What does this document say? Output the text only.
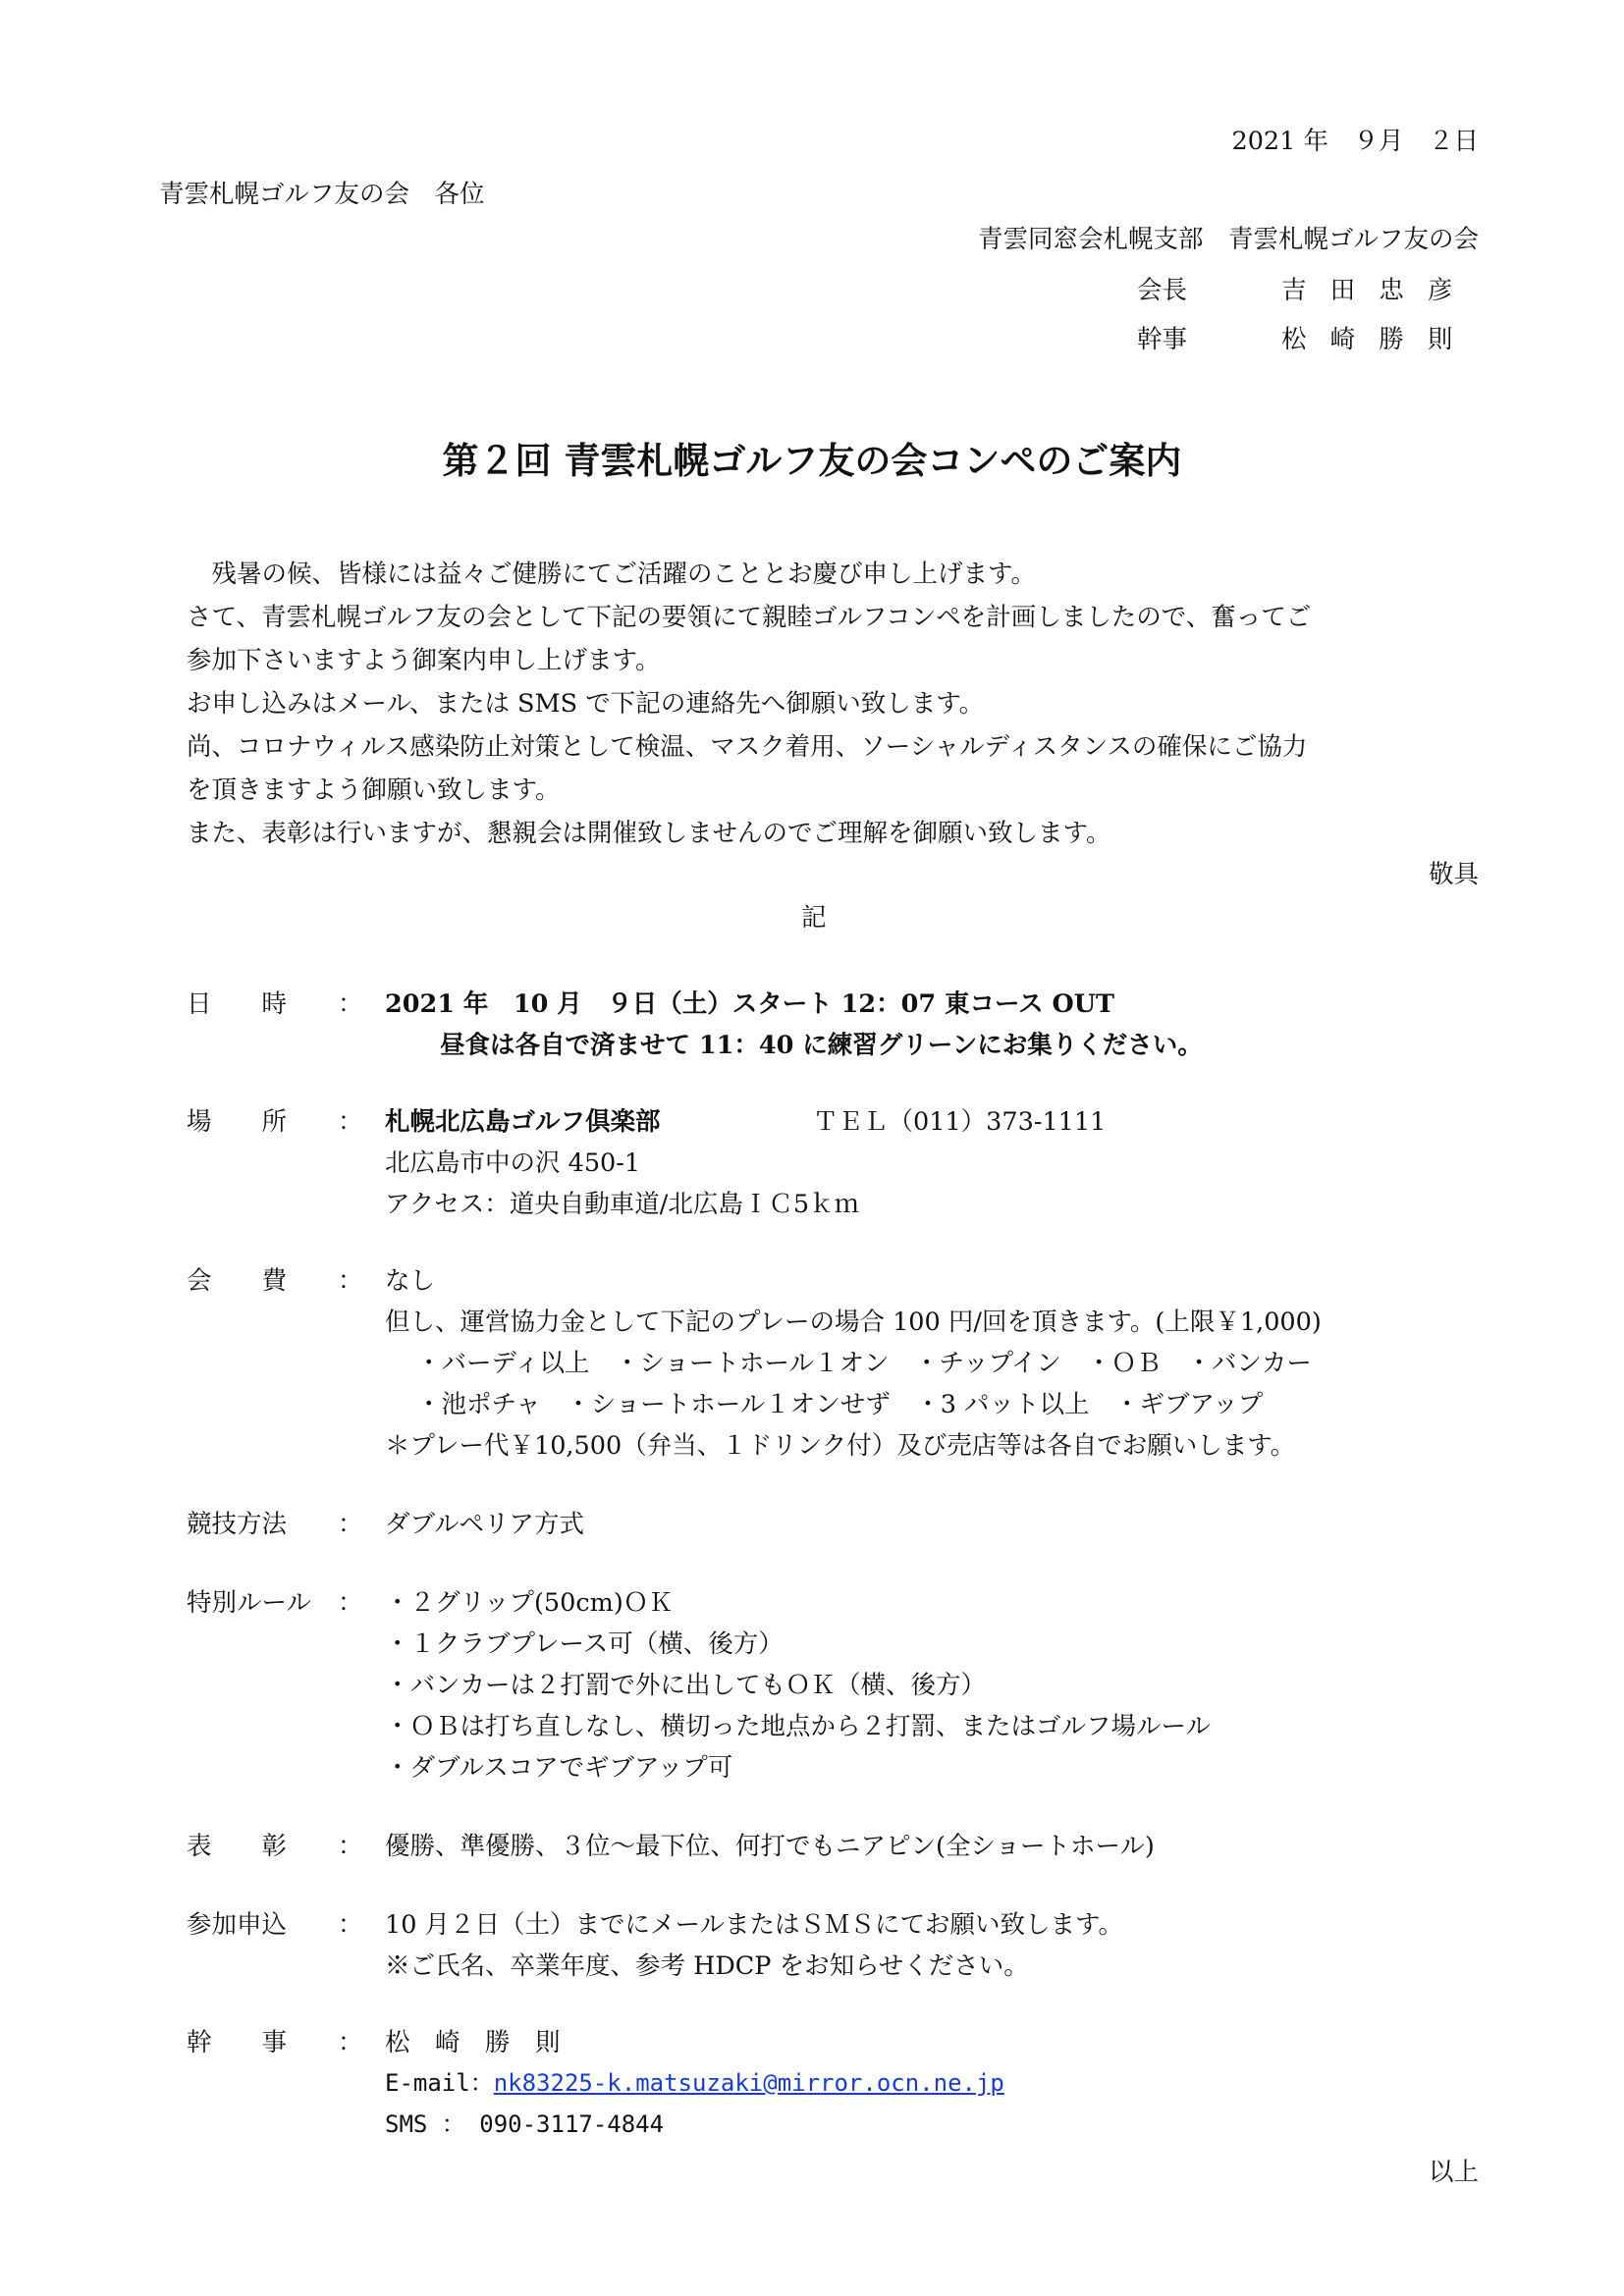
2021 年　９月　２日
青雲札幌ゴルフ友の会　各位
青雲同窓会札幌支部　青雲札幌ゴルフ友の会
会長	吉 田 忠 彦
幹事	松 崎 勝 則
第２回 青雲札幌ゴルフ友の会コンペのご案内
　残暑の候、皆様には益々ご健勝にてご活躍のこととお慶び申し上げます。
さて、青雲札幌ゴルフ友の会として下記の要領にて親睦ゴルフコンペを計画しましたので、奮ってご
参加下さいますよう御案内申し上げます。
お申し込みはメール、または SMS で下記の連絡先へ御願い致します。
尚、コロナウィルス感染防止対策として検温、マスク着用、ソーシャルディスタンスの確保にご協力
を頂きますよう御願い致します。
また、表彰は行いますが、懇親会は開催致しませんのでご理解を御願い致します。
敬具
記
日　　時	： 2021 年　10 月　９日（土）スタート 12：07 東コース OUT
昼食は各自で済ませて 11：40 に練習グリーンにお集りください。
場　　所	： 札幌北広島ゴルフ倶楽部	ＴＥＬ（011）373-1111
北広島市中の沢 450-1
アクセス：道央自動車道/北広島ＩＣ5ｋｍ
会　　費	： なし
但し、運営協力金として下記のプレーの場合 100 円/回を頂きます。(上限￥1,000)
・バーディ以上　・ショートホール１オン　・チップイン　・ＯＢ　・バンカー
・池ポチャ　・ショートホール１オンせず　・3 パット以上　・ギブアップ
＊プレー代￥10,500（弁当、１ドリンク付）及び売店等は各自でお願いします。
競技方法	： ダブルペリア方式
特別ルール	： ・２グリップ(50cm)ＯＫ
・１クラブプレース可（横、後方）
・バンカーは２打罰で外に出してもＯＫ（横、後方）
・ＯＢは打ち直しなし、横切った地点から２打罰、またはゴルフ場ルール
・ダブルスコアでギブアップ可
表　　彰	： 優勝、準優勝、３位～最下位、何打でもニアピン(全ショートホール)
参加申込	： 10 月２日（土）までにメールまたはＳＭＳにてお願い致します。
※ご氏名、卒業年度、参考 HDCP をお知らせください。
幹　　事	： 松　崎　勝　則
E-mail：nk83225-k.matsuzaki@mirror.ocn.ne.jp
SMS ： 090-3117-4844
以上
